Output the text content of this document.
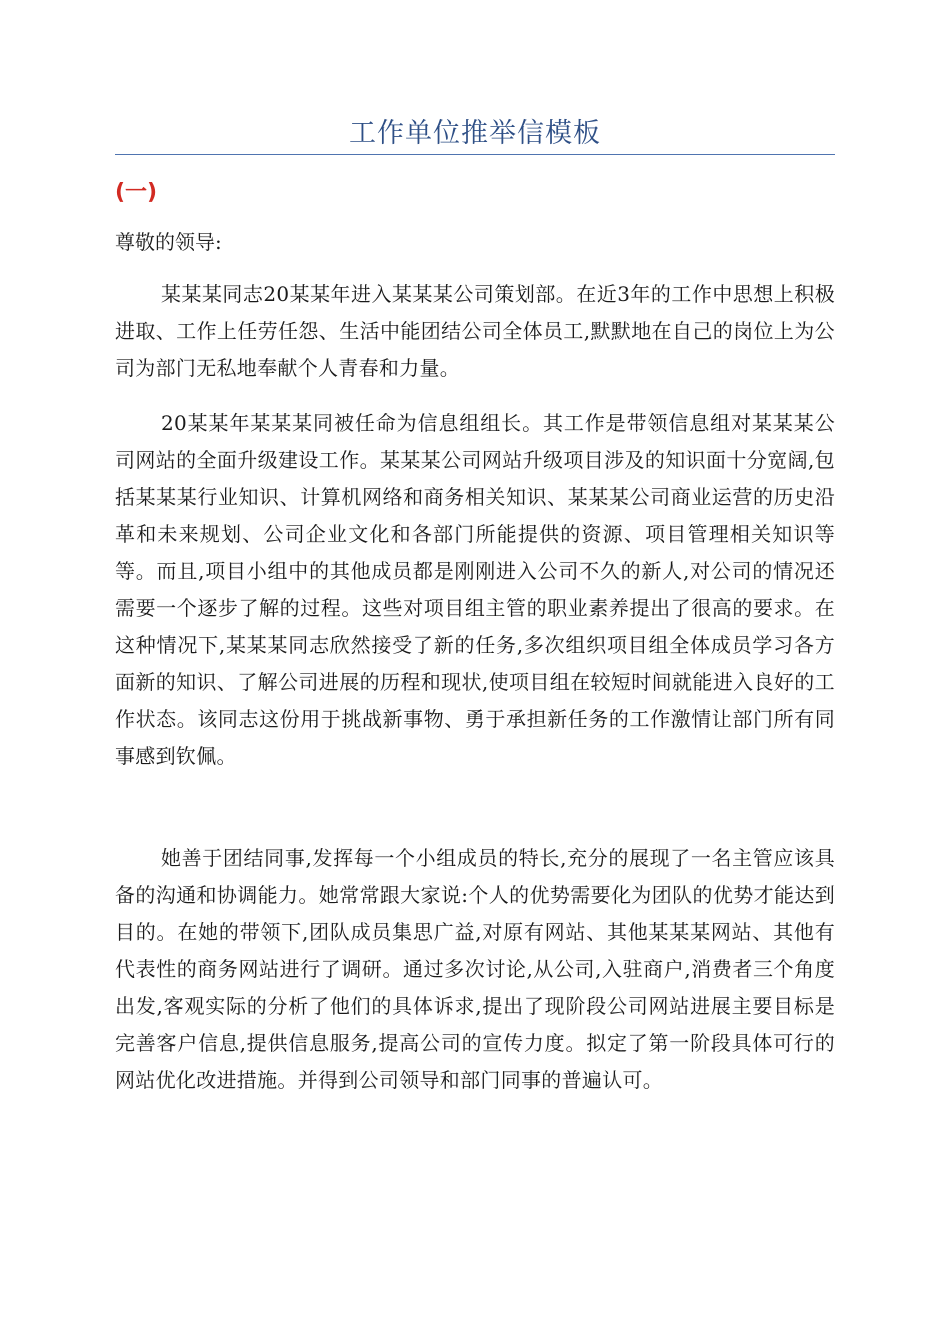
工作单位推举信模板
(一)
尊敬的领导:

某某某同志20某某年进入某某某公司策划部。在近3年的工作中思想上积极进取、工作上任劳任怨、生活中能团结公司全体员工,默默地在自己的岗位上为公司为部门无私地奉献个人青春和力量。

20某某年某某某同被任命为信息组组长。其工作是带领信息组对某某某公司网站的全面升级建设工作。某某某公司网站升级项目涉及的知识面十分宽阔,包括某某某行业知识、计算机网络和商务相关知识、某某某公司商业运营的历史沿革和未来规划、公司企业文化和各部门所能提供的资源、项目管理相关知识等等。而且,项目小组中的其他成员都是刚刚进入公司不久的新人,对公司的情况还需要一个逐步了解的过程。这些对项目组主管的职业素养提出了很高的要求。在这种情况下,某某某同志欣然接受了新的任务,多次组织项目组全体成员学习各方面新的知识、了解公司进展的历程和现状,使项目组在较短时间就能进入良好的工作状态。该同志这份用于挑战新事物、勇于承担新任务的工作激情让部门所有同事感到钦佩。

她善于团结同事,发挥每一个小组成员的特长,充分的展现了一名主管应该具备的沟通和协调能力。她常常跟大家说:个人的优势需要化为团队的优势才能达到目的。在她的带领下,团队成员集思广益,对原有网站、其他某某某网站、其他有代表性的商务网站进行了调研。通过多次讨论,从公司,入驻商户,消费者三个角度出发,客观实际的分析了他们的具体诉求,提出了现阶段公司网站进展主要目标是完善客户信息,提供信息服务,提高公司的宣传力度。拟定了第一阶段具体可行的网站优化改进措施。并得到公司领导和部门同事的普遍认可。
